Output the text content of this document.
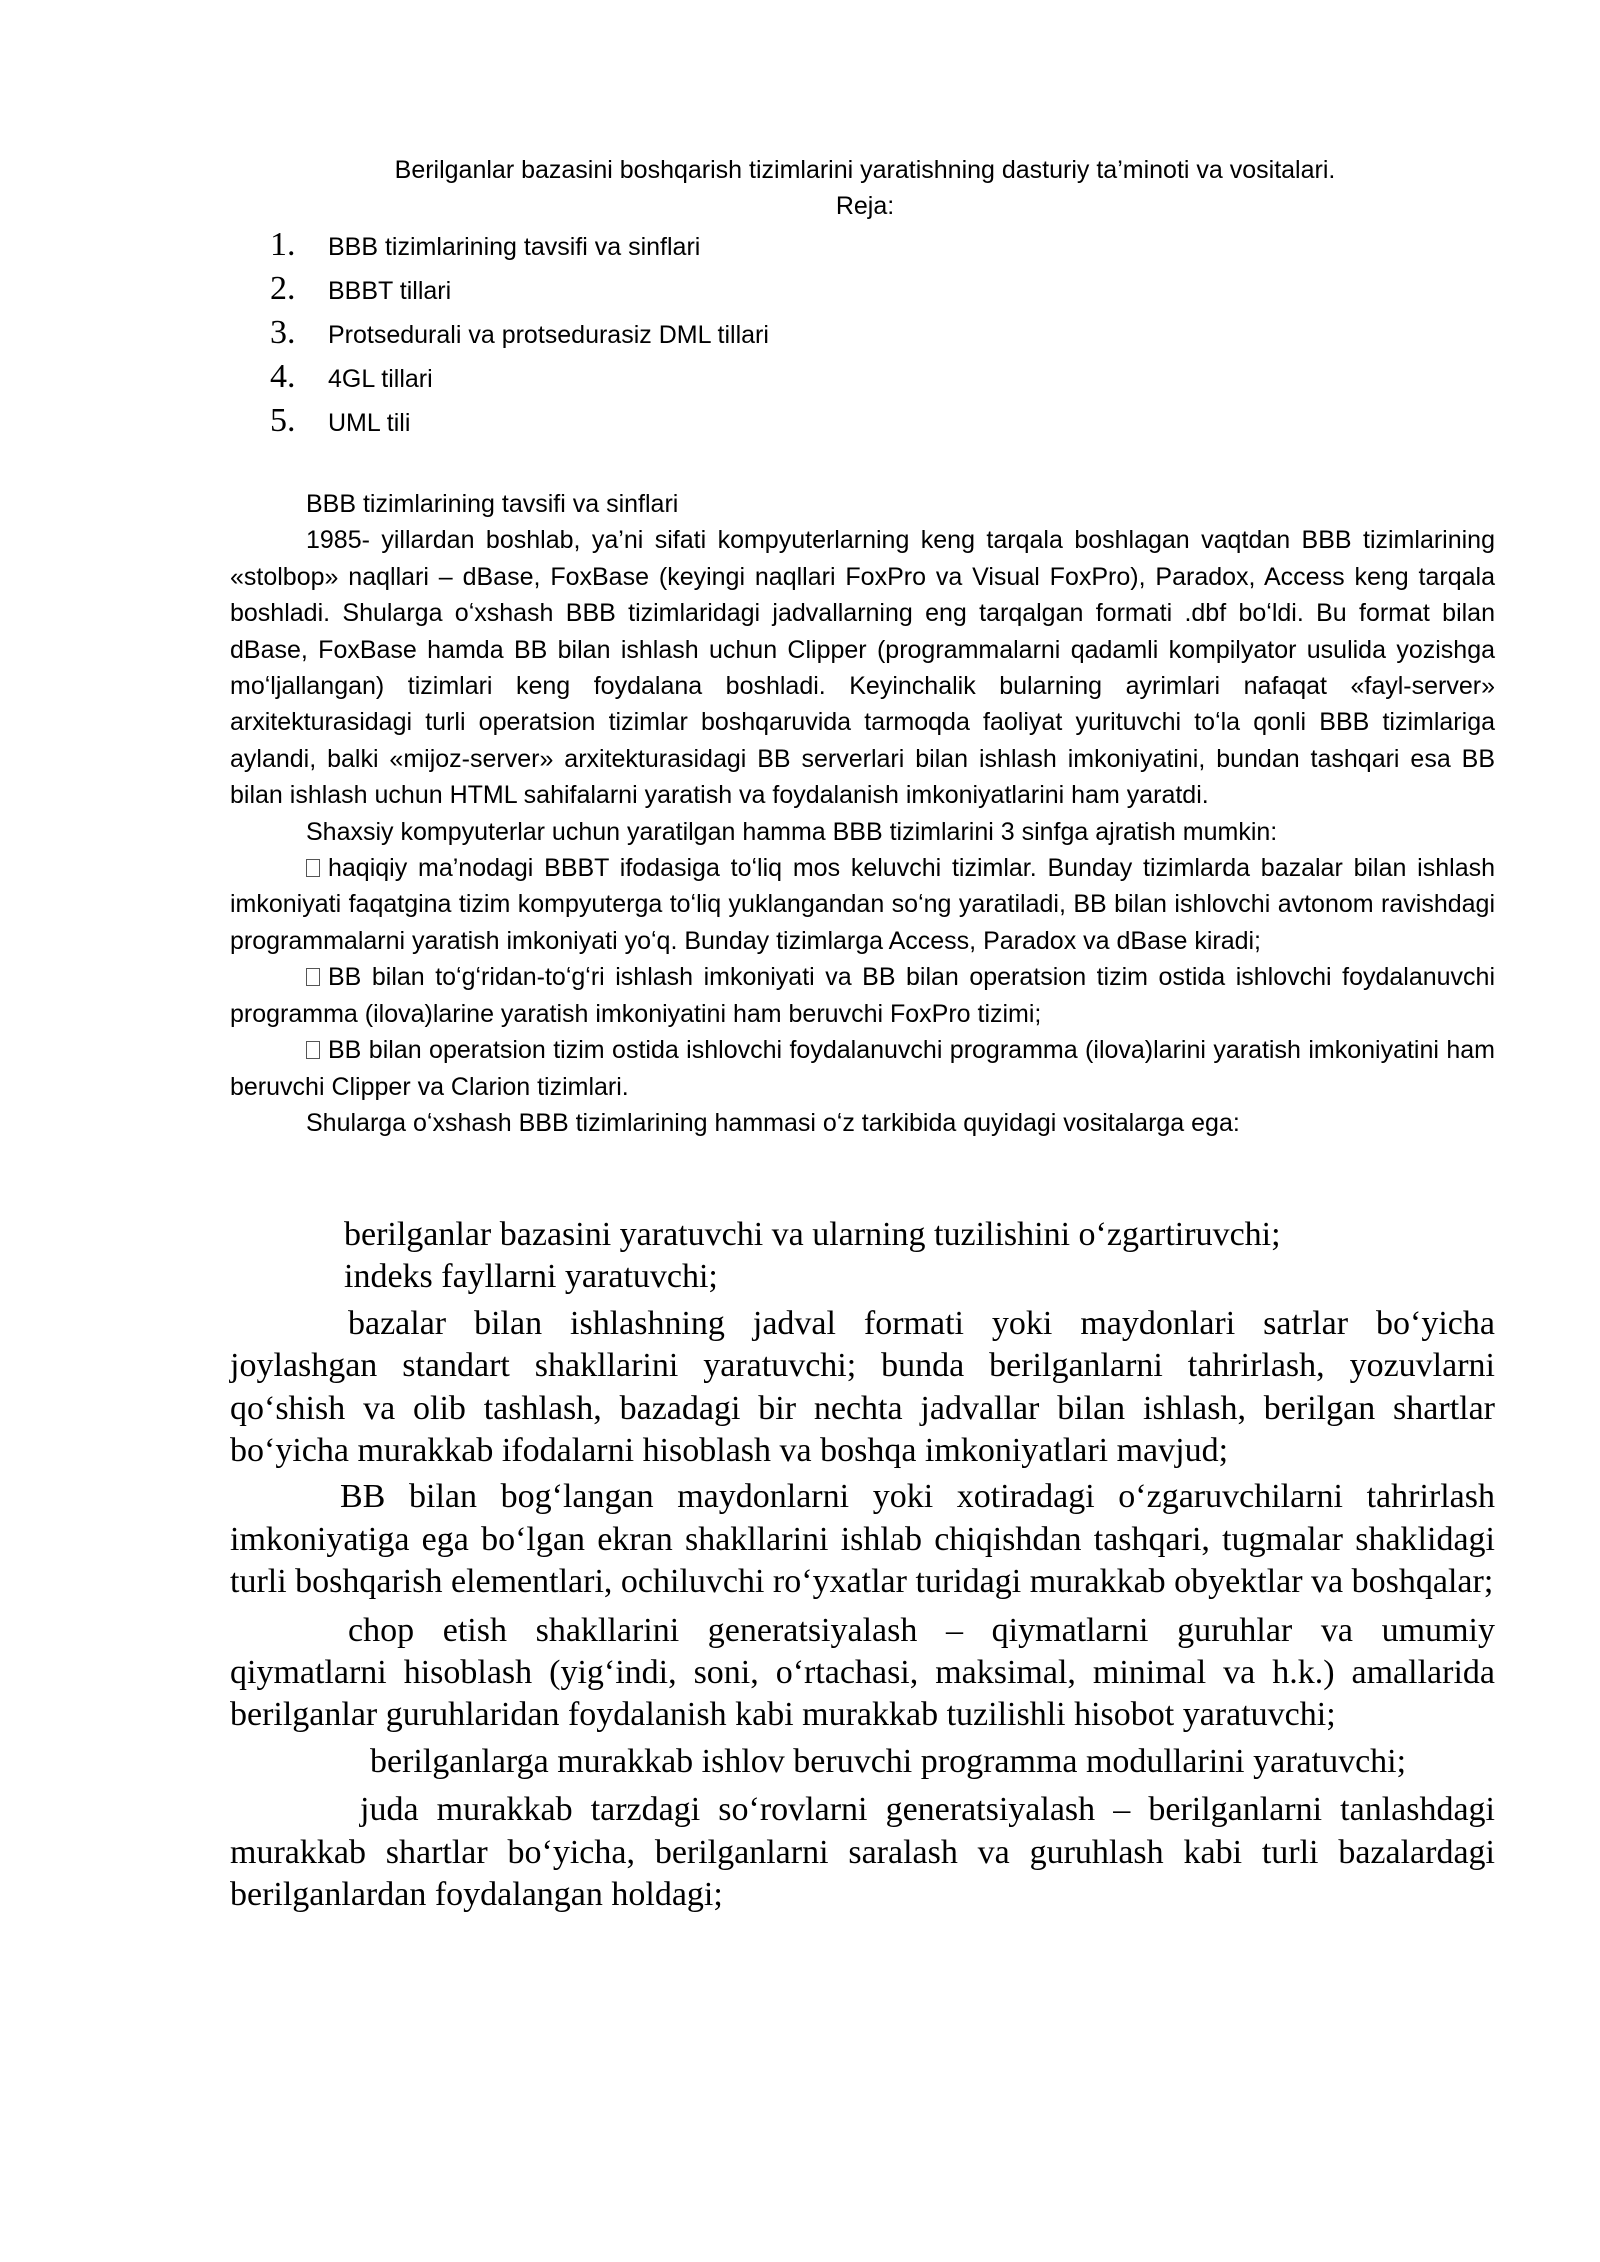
Berilganlar bazasini boshqarish tizimlarini yaratishning dasturiy ta’minoti va vositalari.
Reja:
1.	BBB tizimlarining tavsifi va sinflari
2.	BBBT tillari
3.	Protsedurali va protsedurasiz DML tillari
4.	4GL tillari
5.	UML tili

BBB tizimlarining tavsifi va sinflari

1985- yillardan boshlab, ya’ni sifati kompyuterlarning keng tarqala boshlagan vaqtdan BBB tizimlarining «stolbop» naqllari – dBase, FoxBase (keyingi naqllari FoxPro va Visual FoxPro), Paradox, Access keng tarqala boshladi. Shularga oʻxshash BBB tizimlaridagi jadvallarning eng tarqalgan formati .dbf boʻldi. Bu format bilan dBase, FoxBase hamda BB bilan ishlash uchun Clipper (programmalarni qadamli kompilyator usulida yozishga moʻljallangan) tizimlari keng foydalana boshladi. Keyinchalik bularning ayrimlari nafaqat «fayl-server» arxitekturasidagi turli operatsion tizimlar boshqaruvida tarmoqda faoliyat yurituvchi toʻla qonli BBB tizimlariga aylandi, balki «mijoz-server» arxitekturasidagi BB serverlari bilan ishlash imkoniyatini, bundan tashqari esa BB bilan ishlash uchun HTML sahifalarni yaratish va foydalanish imkoniyatlarini ham yaratdi.

Shaxsiy kompyuterlar uchun yaratilgan hamma BBB tizimlarini 3 sinfga ajratish mumkin:

haqiqiy ma’nodagi BBBT ifodasiga toʻliq mos keluvchi tizimlar. Bunday tizimlarda bazalar bilan ishlash imkoniyati faqatgina tizim kompyuterga toʻliq yuklangandan soʻng yaratiladi, BB bilan ishlovchi avtonom ravishdagi programmalarni yaratish imkoniyati yoʻq. Bunday tizimlarga Access, Paradox va dBase kiradi;

BB bilan toʻgʻridan-toʻgʻri ishlash imkoniyati va BB bilan operatsion tizim ostida ishlovchi foydalanuvchi programma (ilova)larine yaratish imkoniyatini ham beruvchi FoxPro tizimi;

BB bilan operatsion tizim ostida ishlovchi foydalanuvchi programma (ilova)larini yaratish imkoniyatini ham beruvchi Clipper va Clarion tizimlari.

Shularga oʻxshash BBB tizimlarining hammasi oʻz tarkibida quyidagi vositalarga ega:

berilganlar bazasini yaratuvchi va ularning tuzilishini oʻzgartiruvchi;

indeks fayllarni yaratuvchi;

bazalar bilan ishlashning jadval formati yoki maydonlari satrlar boʻyicha joylashgan standart shakllarini yaratuvchi; bunda berilganlarni tahrirlash, yozuvlarni qoʻshish va olib tashlash, bazadagi bir nechta jadvallar bilan ishlash, berilgan shartlar boʻyicha murakkab ifodalarni hisoblash va boshqa imkoniyatlari mavjud;

BB bilan bogʻlangan maydonlarni yoki xotiradagi oʻzgaruvchilarni tahrirlash imkoniyatiga ega boʻlgan ekran shakllarini ishlab chiqishdan tashqari, tugmalar shaklidagi turli boshqarish elementlari, ochiluvchi roʻyxatlar turidagi murakkab obyektlar va boshqalar;

chop etish shakllarini generatsiyalash – qiymatlarni guruhlar va umumiy qiymatlarni hisoblash (yigʻindi, soni, oʻrtachasi, maksimal, minimal va h.k.) amallarida berilganlar guruhlaridan foydalanish kabi murakkab tuzilishli hisobot yaratuvchi;

berilganlarga murakkab ishlov beruvchi programma modullarini yaratuvchi;

juda murakkab tarzdagi soʻrovlarni generatsiyalash – berilganlarni tanlashdagi murakkab shartlar boʻyicha, berilganlarni saralash va guruhlash kabi turli bazalardagi berilganlardan foydalangan holdagi;
